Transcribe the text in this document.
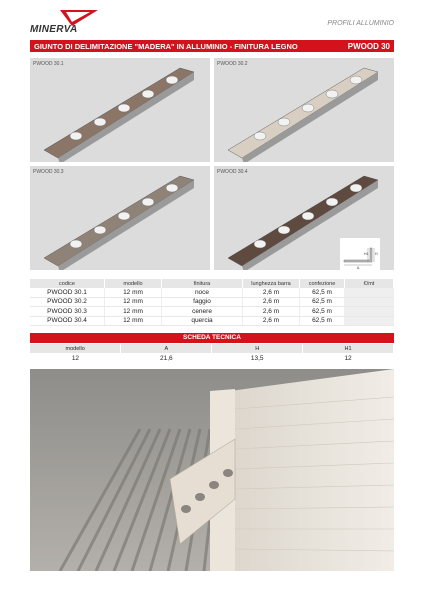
MINERVA
PROFILI ALLUMINIO
GIUNTO DI DELIMITAZIONE "MADERA" IN ALLUMINIO - FINITURA LEGNO	PWOOD 30
PWOOD 30.1	PWOOD 30.2
PWOOD 30.3	PWOOD 30.4
H1 H
A
codice	modello	finitura	lunghezza barra	confezione	€/mt
PWOOD 30.1	12 mm	noce	2,6 m	62,5 m	
PWOOD 30.2	12 mm	faggio	2,6 m	62,5 m	
PWOOD 30.3	12 mm	cenere	2,6 m	62,5 m	
PWOOD 30.4	12 mm	quercia	2,6 m	62,5 m	
SCHEDA TECNICA
modello	A	H	H1
12	21,6	13,5	12
